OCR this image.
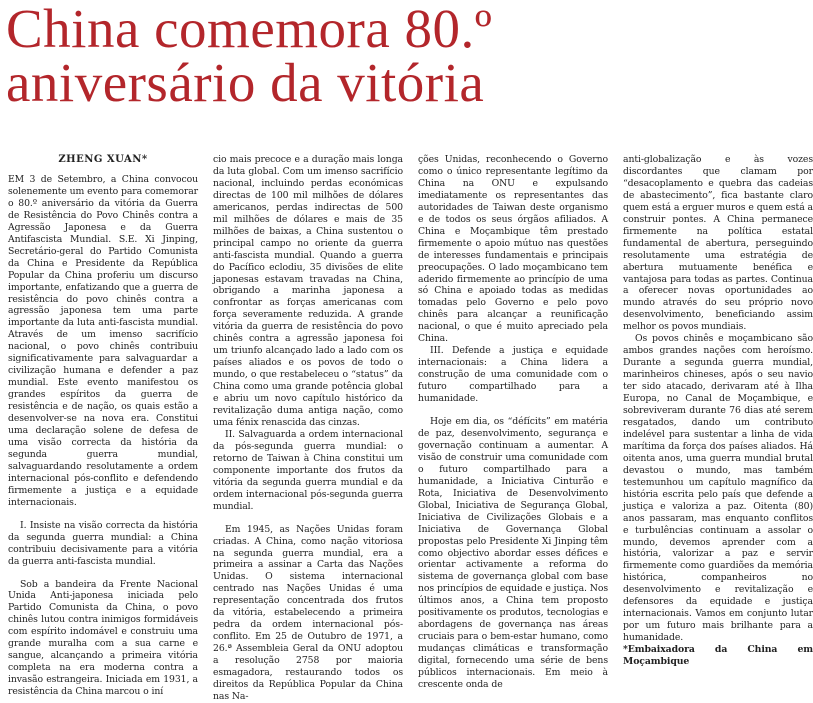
China comemora 80.º
aniversário da vitória
ZHENG XUAN*

EM 3 de Setembro, a China convocou solenemente um evento para comemorar o 80.º aniversário da vitória da Guerra de Resistência do Povo Chinês contra a Agressão Japonesa e da Guerra Antifascista Mundial. S.E. Xi Jinping, Secretário-geral do Partido Comunista da China e Presidente da República Popular da China proferiu um discurso importante, enfatizando que a guerra de resistência do povo chinês contra a agressão japonesa tem uma parte importante da luta anti-fascista mundial. Através de um imenso sacrifício nacional, o povo chinês contribuiu significativamente para salvaguardar a civilização humana e defender a paz mundial. Este evento manifestou os grandes espíritos da guerra de resistência e de nação, os quais estão a desenvolver-se na nova era. Constitui uma declaração solene de defesa de uma visão correcta da história da segunda guerra mundial, salvaguardando resolutamente a ordem internacional pós-conflito e defendendo firmemente a justiça e a equidade internacionais.

I. Insiste na visão correcta da história da segunda guerra mundial: a China contribuiu decisivamente para a vitória da guerra anti-fascista mundial.

Sob a bandeira da Frente Nacional Unida Anti-japonesa iniciada pelo Partido Comunista da China, o povo chinês lutou contra inimigos formidáveis com espírito indomável e construiu uma grande muralha com a sua carne e sangue, alcançando a primeira vitória completa na era moderna contra a invasão estrangeira. Iniciada em 1931, a resistência da China marcou o iní

cio mais precoce e a duração mais longa da luta global. Com um imenso sacrifício nacional, incluindo perdas económicas directas de 100 mil milhões de dólares americanos, perdas indirectas de 500 mil milhões de dólares e mais de 35 milhões de baixas, a China sustentou o principal campo no oriente da guerra anti-fascista mundial. Quando a guerra do Pacífico eclodiu, 35 divisões de elite japonesas estavam travadas na China, obrigando a marinha japonesa a confrontar as forças americanas com força severamente reduzida. A grande vitória da guerra de resistência do povo chinês contra a agressão japonesa foi um triunfo alcançado lado a lado com os países aliados e os povos de todo o mundo, o que restabeleceu o “status” da China como uma grande potência global e abriu um novo capítulo histórico da revitalização duma antiga nação, como uma fénix renascida das cinzas.

II. Salvaguarda a ordem internacional da pós-segunda guerra mundial: o retorno de Taiwan à China constitui um componente importante dos frutos da vitória da segunda guerra mundial e da ordem internacional pós-segunda guerra mundial.

Em 1945, as Nações Unidas foram criadas. A China, como nação vitoriosa na segunda guerra mundial, era a primeira a assinar a Carta das Nações Unidas. O sistema internacional centrado nas Nações Unidas é uma representação concentrada dos frutos da vitória, estabelecendo a primeira pedra da ordem internacional pós-conflito. Em 25 de Outubro de 1971, a 26.ª Assembleia Geral da ONU adoptou a resolução 2758 por maioria esmagadora, restaurando todos os direitos da República Popular da China nas Na-

ções Unidas, reconhecendo o Governo como o único representante legítimo da China na ONU e expulsando imediatamente os representantes das autoridades de Taiwan deste organismo e de todos os seus órgãos afiliados. A China e Moçambique têm prestado firmemente o apoio mútuo nas questões de interesses fundamentais e principais preocupações. O lado moçambicano tem aderido firmemente ao princípio de uma só China e apoiado todas as medidas tomadas pelo Governo e pelo povo chinês para alcançar a reunificação nacional, o que é muito apreciado pela China.

III. Defende a justiça e equidade internacionais: a China lidera a construção de uma comunidade com o futuro compartilhado para a humanidade.

Hoje em dia, os “défícits” em matéria de paz, desenvolvimento, segurança e governação continuam a aumentar. A visão de construir uma comunidade com o futuro compartilhado para a humanidade, a Iniciativa Cinturão e Rota, Iniciativa de Desenvolvimento Global, Iniciativa de Segurança Global, Iniciativa de Civilizações Globais e a Iniciativa de Governança Global propostas pelo Presidente Xi Jinping têm como objectivo abordar esses défices e orientar activamente a reforma do sistema de governança global com base nos princípios de equidade e justiça. Nos últimos anos, a China tem proposto positivamente os produtos, tecnologias e abordagens de governança nas áreas cruciais para o bem-estar humano, como mudanças climáticas e transformação digital, fornecendo uma série de bens públicos internacionais. Em meio à crescente onda de

anti-globalização e às vozes discordantes que clamam por “desacoplamento e quebra das cadeias de abastecimento”, fica bastante claro quem está a erguer muros e quem está a construir pontes. A China permanece firmemente na política estatal fundamental de abertura, perseguindo resolutamente uma estratégia de abertura mutuamente benéfica e vantajosa para todas as partes. Continua a oferecer novas oportunidades ao mundo através do seu próprio novo desenvolvimento, beneficiando assim melhor os povos mundiais.

Os povos chinês e moçambicano são ambos grandes nações com heroísmo. Durante a segunda guerra mundial, marinheiros chineses, após o seu navio ter sido atacado, derivaram até à Ilha Europa, no Canal de Moçambique, e sobreviveram durante 76 dias até serem resgatados, dando um contributo indelével para sustentar a linha de vida marítima da força dos países aliados. Há oitenta anos, uma guerra mundial brutal devastou o mundo, mas também testemunhou um capítulo magnífico da história escrita pelo país que defende a justiça e valoriza a paz. Oitenta (80) anos passaram, mas enquanto conflitos e turbulências continuam a assolar o mundo, devemos aprender com a história, valorizar a paz e servir firmemente como guardiões da memória histórica, companheiros no desenvolvimento e revitalização e defensores da equidade e justiça internacionais. Vamos em conjunto lutar por um futuro mais brilhante para a humanidade.

*Embaixadora da China em Moçambique
